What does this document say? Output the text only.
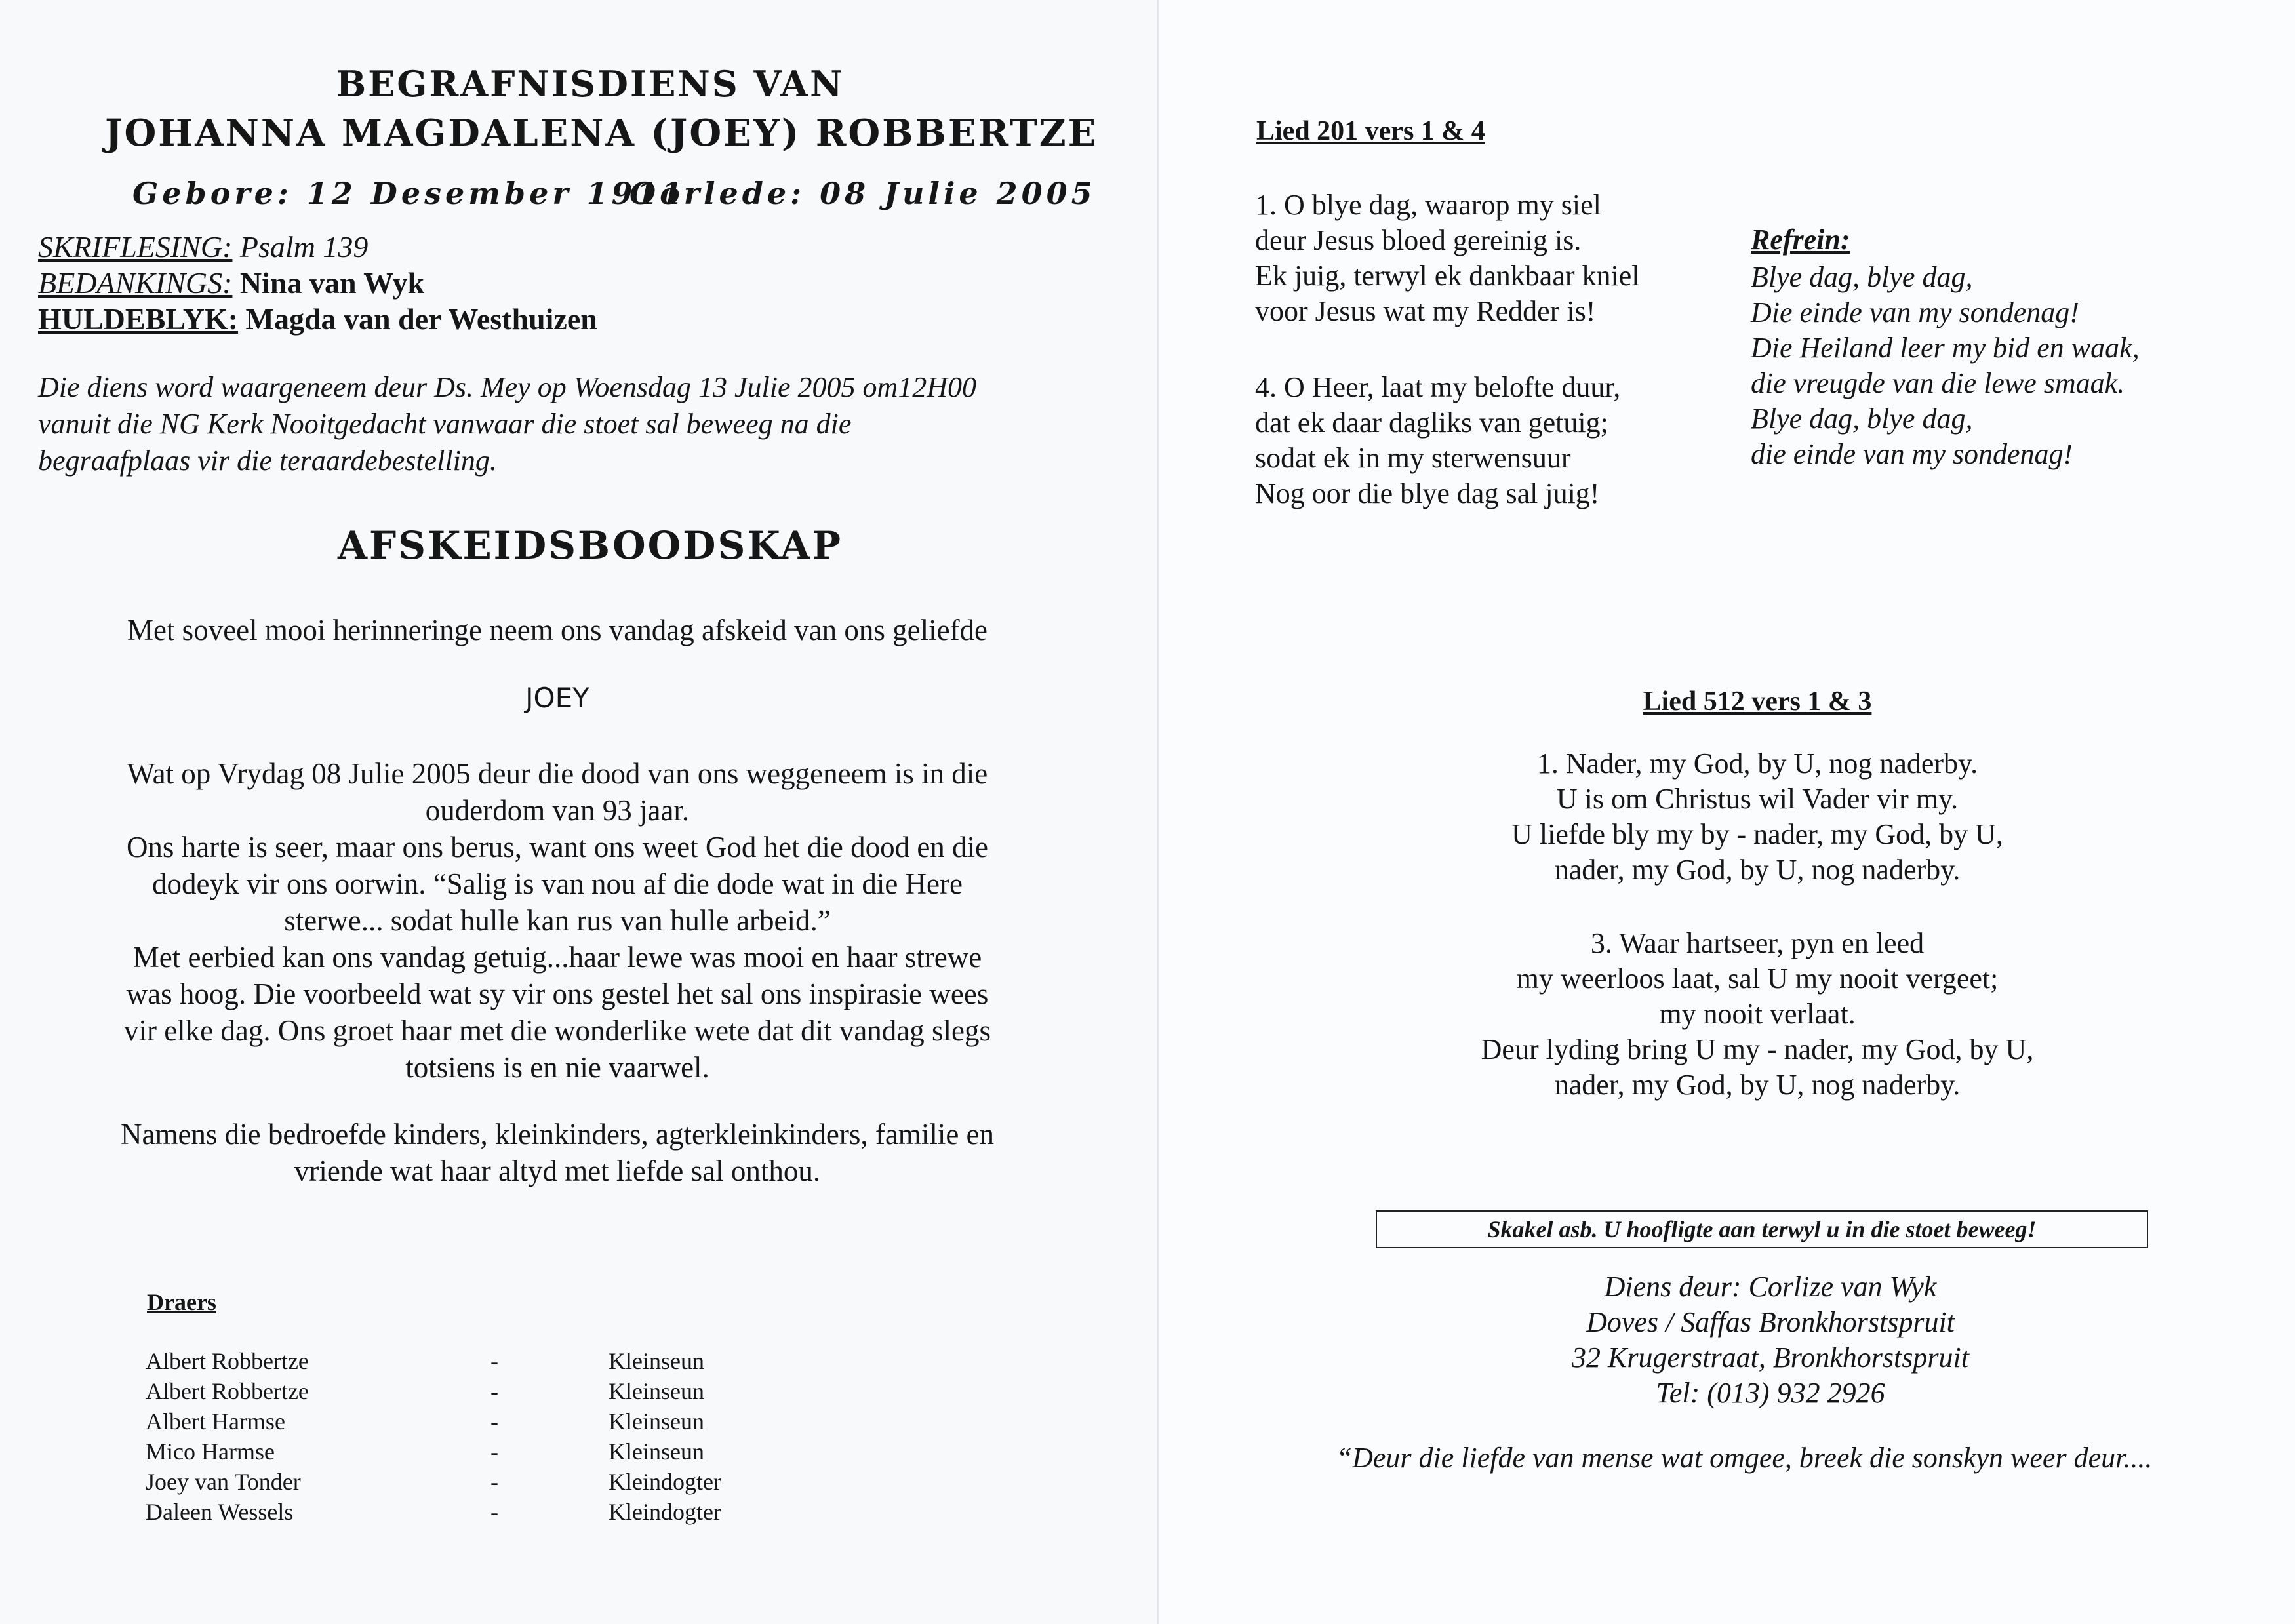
BEGRAFNISDIENS VAN
JOHANNA MAGDALENA (JOEY) ROBBERTZE
Gebore: 12 Desember 1911
Oorlede: 08 Julie 2005
SKRIFLESING: Psalm 139
BEDANKINGS: Nina van Wyk
HULDEBLYK: Magda van der Westhuizen
Die diens word waargeneem deur Ds. Mey op Woensdag 13 Julie 2005 om12H00
vanuit die NG Kerk Nooitgedacht vanwaar die stoet sal beweeg na die
begraafplaas vir die teraardebestelling.
AFSKEIDSBOODSKAP
Met soveel mooi herinneringe neem ons vandag afskeid van ons geliefde
JOEY
Wat op Vrydag 08 Julie 2005 deur die dood van ons weggeneem is in die
ouderdom van 93 jaar.
Ons harte is seer, maar ons berus, want ons weet God het die dood en die
dodeyk vir ons oorwin. “Salig is van nou af die dode wat in die Here
sterwe... sodat hulle kan rus van hulle arbeid.”
Met eerbied kan ons vandag getuig...haar lewe was mooi en haar strewe
was hoog. Die voorbeeld wat sy vir ons gestel het sal ons inspirasie wees
vir elke dag. Ons groet haar met die wonderlike wete dat dit vandag slegs
totsiens is en nie vaarwel.
Namens die bedroefde kinders, kleinkinders, agterkleinkinders, familie en
vriende wat haar altyd met liefde sal onthou.
Draers
Albert Robbertze	-	Kleinseun
Albert Robbertze	-	Kleinseun
Albert Harmse	-	Kleinseun
Mico Harmse	-	Kleinseun
Joey van Tonder	-	Kleindogter
Daleen Wessels	-	Kleindogter
Lied 201 vers 1 & 4
1. O blye dag, waarop my siel
deur Jesus bloed gereinig is.
Ek juig, terwyl ek dankbaar kniel
voor Jesus wat my Redder is!
4. O Heer, laat my belofte duur,
dat ek daar dagliks van getuig;
sodat ek in my sterwensuur
Nog oor die blye dag sal juig!
Refrein:
Blye dag, blye dag,
Die einde van my sondenag!
Die Heiland leer my bid en waak,
die vreugde van die lewe smaak.
Blye dag, blye dag,
die einde van my sondenag!
Lied 512 vers 1 & 3
1. Nader, my God, by U, nog naderby.
U is om Christus wil Vader vir my.
U liefde bly my by - nader, my God, by U,
nader, my God, by U, nog naderby.
3. Waar hartseer, pyn en leed
my weerloos laat, sal U my nooit vergeet;
my nooit verlaat.
Deur lyding bring U my - nader, my God, by U,
nader, my God, by U, nog naderby.
Skakel asb. U hoofligte aan terwyl u in die stoet beweeg!
Diens deur: Corlize van Wyk
Doves / Saffas Bronkhorstspruit
32 Krugerstraat, Bronkhorstspruit
Tel: (013) 932 2926
“Deur die liefde van mense wat omgee, breek die sonskyn weer deur....
